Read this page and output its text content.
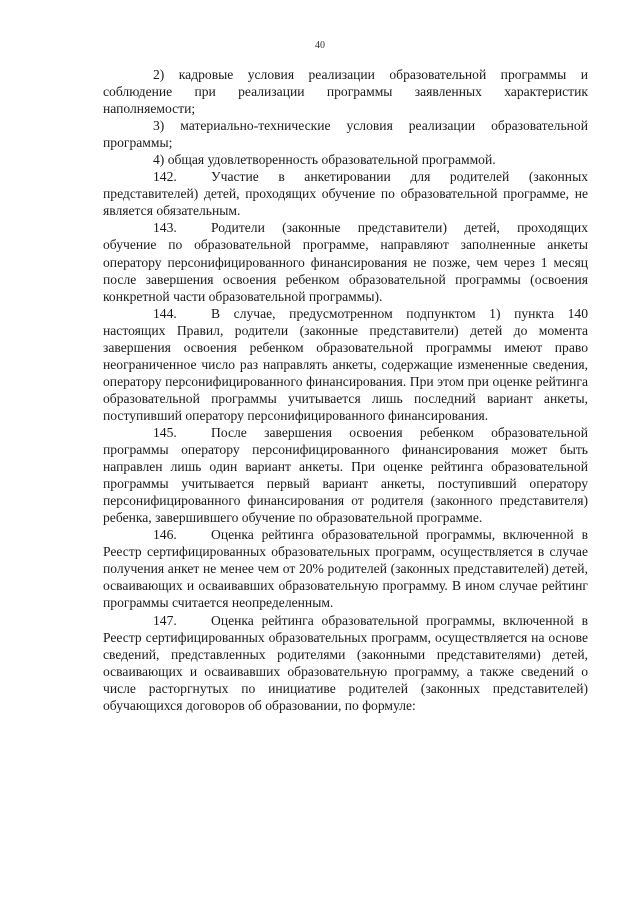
40

2) кадровые условия реализации образовательной программы и соблюдение при реализации программы заявленных характеристик наполняемости;

3) материально-технические условия реализации образовательной программы;

4) общая удовлетворенность образовательной программой.

142.	Участие в анкетировании для родителей (законных представителей) детей, проходящих обучение по образовательной программе, не является обязательным.

143.	Родители (законные представители) детей, проходящих обучение по образовательной программе, направляют заполненные анкеты оператору персонифицированного финансирования не позже, чем через 1 месяц после завершения освоения ребенком образовательной программы (освоения конкретной части образовательной программы).

144.	В случае, предусмотренном подпунктом 1) пункта 140 настоящих Правил, родители (законные представители) детей до момента завершения освоения ребенком образовательной программы имеют право неограниченное число раз направлять анкеты, содержащие измененные сведения, оператору персонифицированного финансирования. При этом при оценке рейтинга образовательной программы учитывается лишь последний вариант анкеты, поступивший оператору персонифицированного финансирования.

145.	После завершения освоения ребенком образовательной программы оператору персонифицированного финансирования может быть направлен лишь один вариант анкеты. При оценке рейтинга образовательной программы учитывается первый вариант анкеты, поступивший оператору персонифицированного финансирования от родителя (законного представителя) ребенка, завершившего обучение по образовательной программе.

146.	Оценка рейтинга образовательной программы, включенной в Реестр сертифицированных образовательных программ, осуществляется в случае получения анкет не менее чем от 20% родителей (законных представителей) детей, осваивающих и осваивавших образовательную программу. В ином случае рейтинг программы считается неопределенным.

147.	Оценка рейтинга образовательной программы, включенной в Реестр сертифицированных образовательных программ, осуществляется на основе сведений, представленных родителями (законными представителями) детей, осваивающих и осваивавших образовательную программу, а также сведений о числе расторгнутых по инициативе родителей (законных представителей) обучающихся договоров об образовании, по формуле:
